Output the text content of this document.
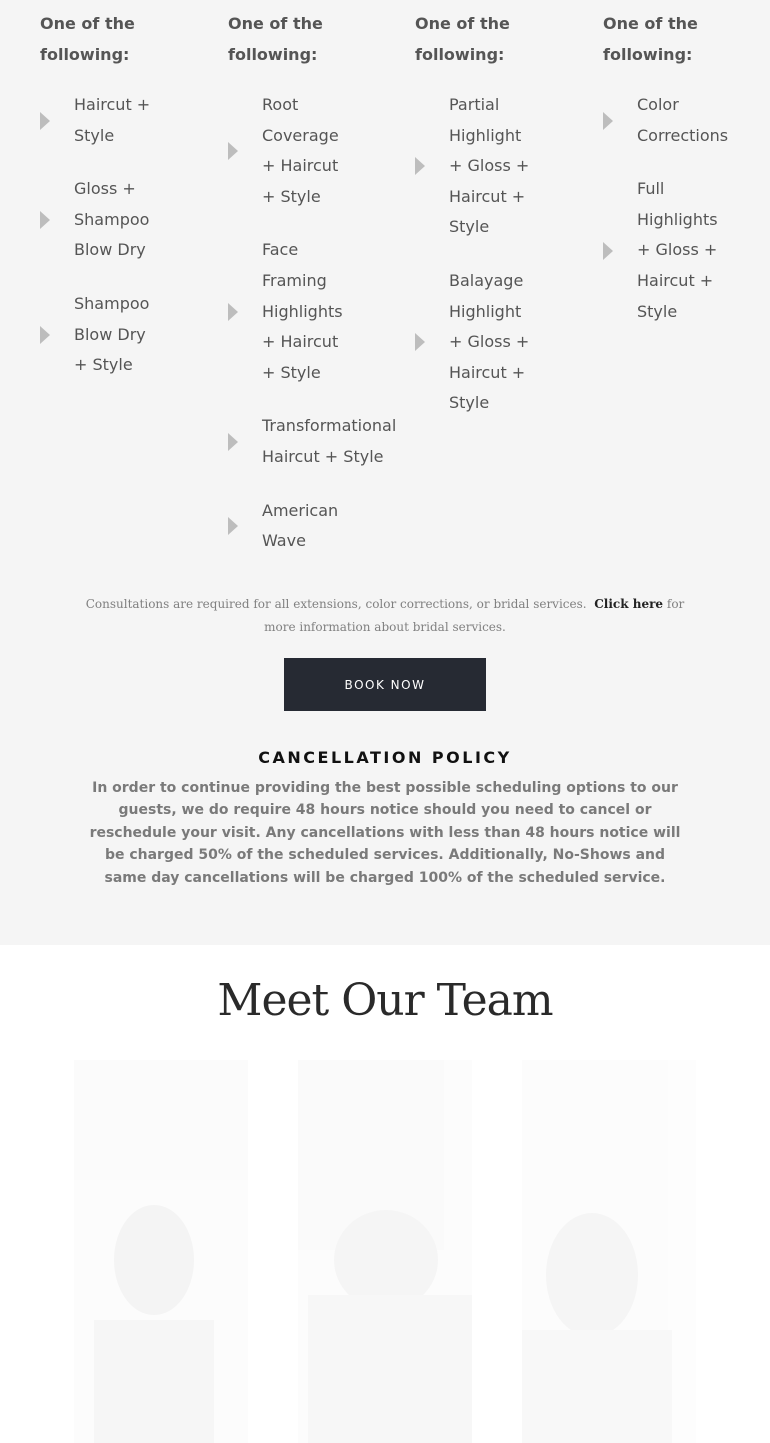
One of the following:
Haircut + Style
Gloss + Shampoo Blow Dry
Shampoo Blow Dry + Style
One of the following:
Root Coverage + Haircut + Style
Face Framing Highlights + Haircut + Style
Transformational Haircut + Style
American Wave
One of the following:
Partial Highlight + Gloss + Haircut + Style
Balayage Highlight + Gloss + Haircut + Style
One of the following:
Color Corrections
Full Highlights + Gloss + Haircut + Style
Consultations are required for all extensions, color corrections, or bridal services. Click here for more information about bridal services.
BOOK NOW
CANCELLATION POLICY
In order to continue providing the best possible scheduling options to our guests, we do require 48 hours notice should you need to cancel or reschedule your visit. Any cancellations with less than 48 hours notice will be charged 50% of the scheduled services. Additionally, No-Shows and same day cancellations will be charged 100% of the scheduled service.
Meet Our Team
